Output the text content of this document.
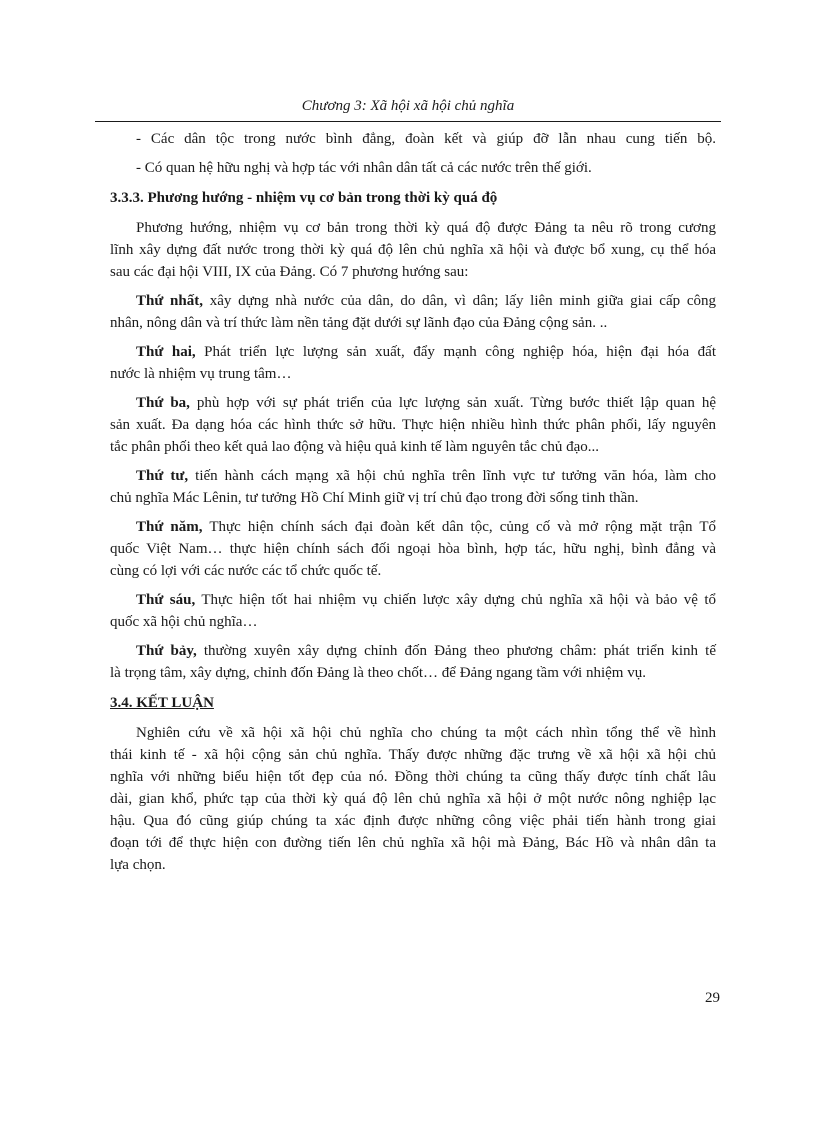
Chương 3: Xã hội xã hội chủ nghĩa
- Các dân tộc trong nước bình đẳng, đoàn kết và giúp đỡ lẫn nhau cung tiến bộ.
- Có quan hệ hữu nghị và hợp tác với nhân dân tất cả các nước trên thế giới.
3.3.3. Phương hướng - nhiệm vụ cơ bản trong thời kỳ quá độ
Phương hướng, nhiệm vụ cơ bản trong thời kỳ quá độ được Đảng ta nêu rõ trong cương
lĩnh xây dựng đất nước trong thời kỳ quá độ lên chủ nghĩa xã hội và được bổ xung, cụ thể hóa
sau các đại hội VIII, IX của Đảng. Có 7 phương hướng sau:
Thứ nhất, xây dựng nhà nước của dân, do dân, vì dân; lấy liên minh giữa giai cấp công
nhân, nông dân và trí thức làm nền tảng đặt dưới sự lãnh đạo của Đảng cộng sản. ..
Thứ hai, Phát triển lực lượng sản xuất, đẩy mạnh công nghiệp hóa, hiện đại hóa đất
nước là nhiệm vụ trung tâm…
Thứ ba, phù hợp với sự phát triển của lực lượng sản xuất. Từng bước thiết lập quan hệ
sản xuất. Đa dạng hóa các hình thức sở hữu. Thực hiện nhiều hình thức phân phối, lấy nguyên
tắc phân phối theo kết quả lao động và hiệu quả kinh tế làm nguyên tắc chủ đạo...
Thứ tư, tiến hành cách mạng xã hội chủ nghĩa trên lĩnh vực tư tưởng văn hóa, làm cho
chủ nghĩa Mác Lênin, tư tưởng Hồ Chí Minh giữ vị trí chủ đạo trong đời sống tinh thần.
Thứ năm, Thực hiện chính sách đại đoàn kết dân tộc, củng cố và mở rộng mặt trận Tổ
quốc Việt Nam… thực hiện chính sách đối ngoại hòa bình, hợp tác, hữu nghị, bình đẳng và
cùng có lợi với các nước các tổ chức quốc tế.
Thứ sáu, Thực hiện tốt hai nhiệm vụ chiến lược xây dựng chủ nghĩa xã hội và bảo vệ tổ
quốc xã hội chủ nghĩa…
Thứ bảy, thường xuyên xây dựng chỉnh đốn Đảng theo phương châm: phát triển kinh tế
là trọng tâm, xây dựng, chỉnh đốn Đảng là theo chốt… để Đảng ngang tầm với nhiệm vụ.
3.4. KẾT LUẬN
Nghiên cứu về xã hội xã hội chủ nghĩa cho chúng ta một cách nhìn tổng thể về hình
thái kinh tế - xã hội cộng sản chủ nghĩa. Thấy được những đặc trưng về xã hội xã hội chủ
nghĩa với những biểu hiện tốt đẹp của nó. Đồng thời chúng ta cũng thấy được tính chất lâu
dài, gian khổ, phức tạp của thời kỳ quá độ lên chủ nghĩa xã hội ở một nước nông nghiệp lạc
hậu. Qua đó cũng giúp chúng ta xác định được những công việc phải tiến hành trong giai
đoạn tới để thực hiện con đường tiến lên chủ nghĩa xã hội mà Đảng, Bác Hồ và nhân dân ta
lựa chọn.
29
